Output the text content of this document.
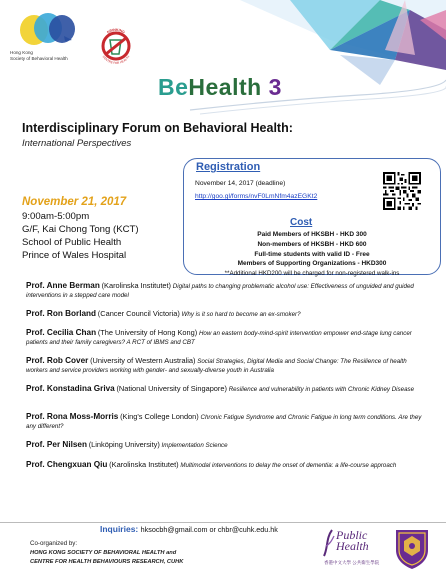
Hong Kong
Society of Behavioral Health
DRINKING
CENTRE FOR HEALTH
BeHealth 3
Interdisciplinary Forum on Behavioral Health:
International Perspectives
November 21, 2017
9:00am-5:00pm
G/F, Kai Chong Tong (KCT)
School of Public Health
Prince of Wales Hospital
Registration
November 14, 2017 (deadline)
http://goo.gl/forms/nvF0LmNfm4azEGKt2
Cost
Paid Members of HKSBH - HKD 300
Non-members of HKSBH - HKD 600
Full-time students with valid ID - Free
Members of Supporting Organizations - HKD300
**Additional HKD200 will be charged for non-registered walk-ins
Prof. Anne Berman (Karolinska Institutet) Digital paths to changing problematic alcohol use: Effectiveness of unguided and guided interventions in a stepped care model
Prof. Ron Borland (Cancer Council Victoria) Why is it so hard to become an ex-smoker?
Prof. Cecilia Chan (The University of Hong Kong) How an eastern body-mind-spirit intervention empower end-stage lung cancer patients and their family caregivers? A RCT of IBMS and CBT
Prof. Rob Cover (University of Western Australia) Social Strategies, Digital Media and Social Change: The Resilience of health workers and service providers working with gender- and sexually-diverse youth in Australia
Prof. Konstadina Griva (National University of Singapore) Resilience and vulnerability in patients with Chronic Kidney Disease
Prof. Rona Moss-Morris (King's College London) Chronic Fatigue Syndrome and Chronic Fatigue in long term conditions. Are they any different?
Prof. Per Nilsen (Linköping University) Implementation Science
Prof. Chengxuan Qiu (Karolinska Institutet) Multimodal interventions to delay the onset of dementia: a life-course approach
Inquiries: hksocbh@gmail.com or chbr@cuhk.edu.hk
Co-organized by:
HONG KONG SOCIETY OF BEHAVIORAL HEALTH and
CENTRE FOR HEALTH BEHAVIOURS RESEARCH, CUHK
Public Health
香港中文大學 公共衞生學院
